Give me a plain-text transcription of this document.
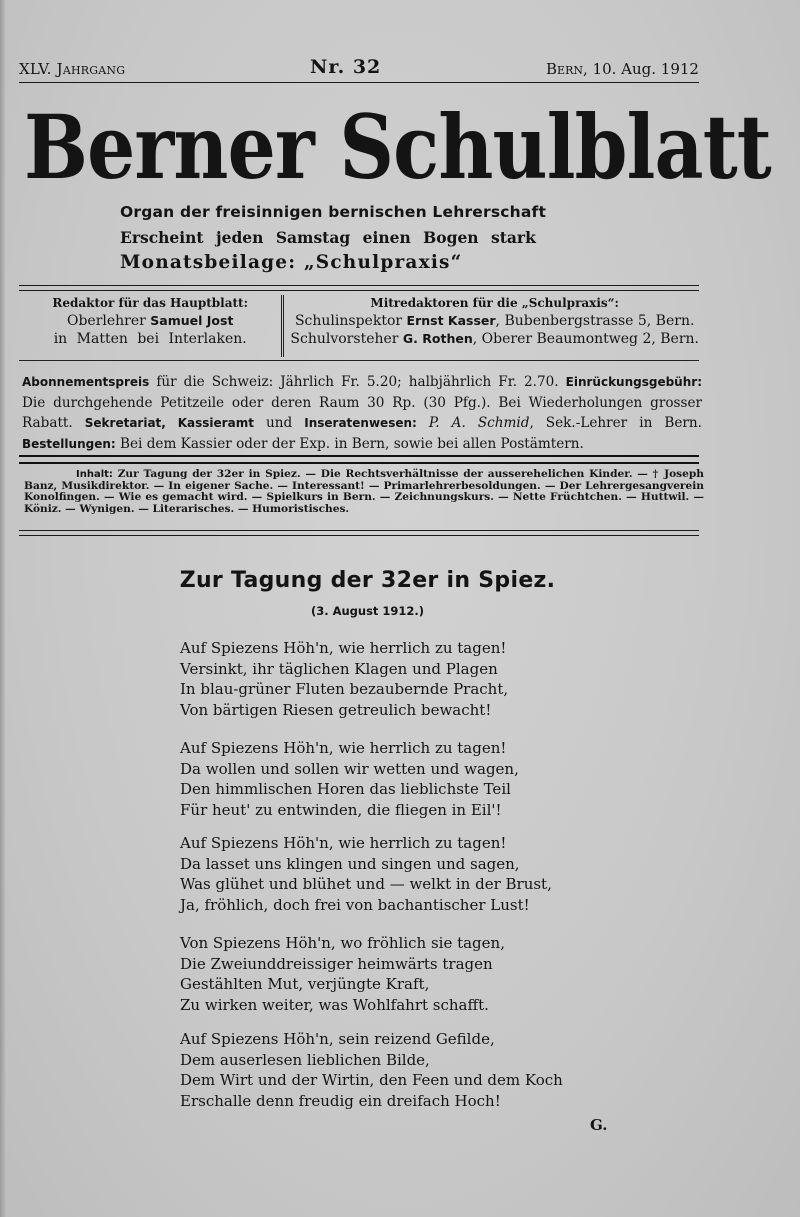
XLV. Jahrgang	Nr. 32	Bern, 10. Aug. 1912
Berner Schulblatt
Organ der freisinnigen bernischen Lehrerschaft
Erscheint jeden Samstag einen Bogen stark
Monatsbeilage: „Schulpraxis“
Redaktor für das Hauptblatt:
Oberlehrer Samuel Jost
in Matten bei Interlaken.
Mitredaktoren für die „Schulpraxis“:
Schulinspektor Ernst Kasser, Bubenbergstrasse 5, Bern.
Schulvorsteher G. Rothen, Oberer Beaumontweg 2, Bern.
Abonnementspreis für die Schweiz: Jährlich Fr. 5.20; halbjährlich Fr. 2.70. Einrückungsgebühr: Die durchgehende Petitzeile oder deren Raum 30 Rp. (30 Pfg.). Bei Wiederholungen grosser Rabatt. Sekretariat, Kassieramt und Inseratenwesen: P. A. Schmid, Sek.-Lehrer in Bern. Bestellungen: Bei dem Kassier oder der Exp. in Bern, sowie bei allen Postämtern.
Inhalt: Zur Tagung der 32er in Spiez. — Die Rechtsverhältnisse der ausserehelichen Kinder. — † Joseph Banz, Musikdirektor. — In eigener Sache. — Interessant! — Primarlehrerbesoldungen. — Der Lehrergesangverein Konolfingen. — Wie es gemacht wird. — Spielkurs in Bern. — Zeichnungskurs. — Nette Früchtchen. — Huttwil. — Köniz. — Wynigen. — Literarisches. — Humoristisches.
Zur Tagung der 32er in Spiez.
(3. August 1912.)
Auf Spiezens Höh'n, wie herrlich zu tagen!
Versinkt, ihr täglichen Klagen und Plagen
In blau-grüner Fluten bezaubernde Pracht,
Von bärtigen Riesen getreulich bewacht!
Auf Spiezens Höh'n, wie herrlich zu tagen!
Da wollen und sollen wir wetten und wagen,
Den himmlischen Horen das lieblichste Teil
Für heut' zu entwinden, die fliegen in Eil'!
Auf Spiezens Höh'n, wie herrlich zu tagen!
Da lasset uns klingen und singen und sagen,
Was glühet und blühet und — welkt in der Brust,
Ja, fröhlich, doch frei von bachantischer Lust!
Von Spiezens Höh'n, wo fröhlich sie tagen,
Die Zweiunddreissiger heimwärts tragen
Gestählten Mut, verjüngte Kraft,
Zu wirken weiter, was Wohlfahrt schafft.
Auf Spiezens Höh'n, sein reizend Gefilde,
Dem auserlesen lieblichen Bilde,
Dem Wirt und der Wirtin, den Feen und dem Koch
Erschalle denn freudig ein dreifach Hoch!
G.
